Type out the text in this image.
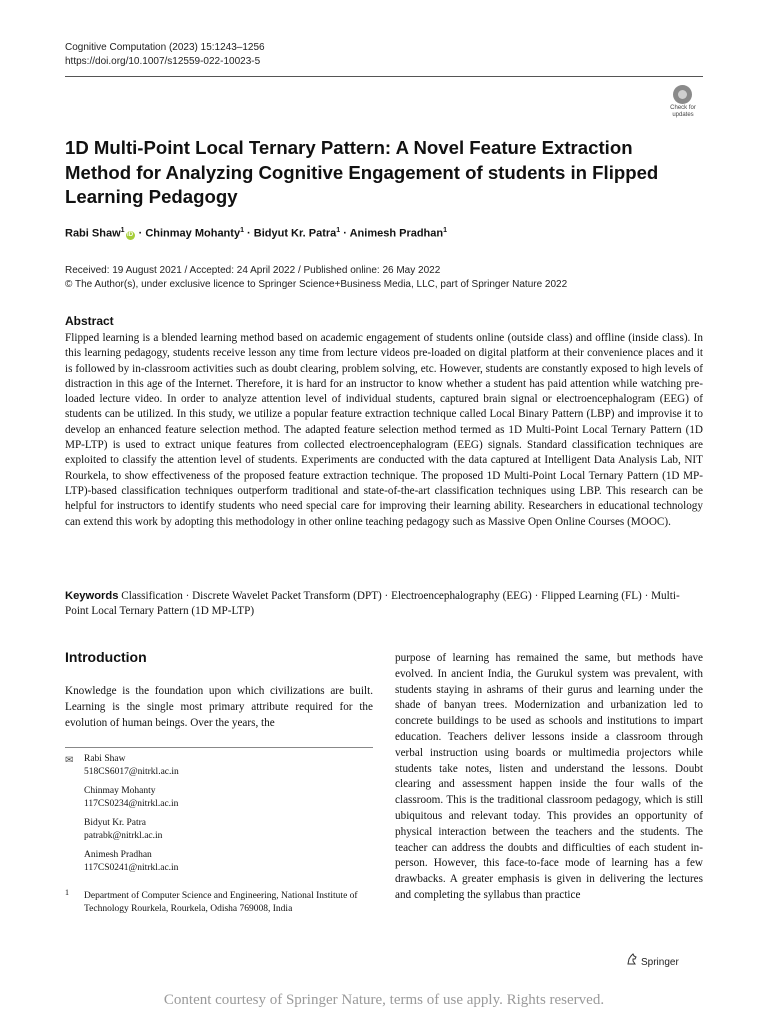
Cognitive Computation (2023) 15:1243–1256
https://doi.org/10.1007/s12559-022-10023-5
Check for
updates
1D Multi-Point Local Ternary Pattern: A Novel Feature Extraction Method for Analyzing Cognitive Engagement of students in Flipped Learning Pedagogy
Rabi Shaw$^1$iD · Chinmay Mohanty$^1$ · Bidyut Kr. Patra$^1$ · Animesh Pradhan$^1$
Received: 19 August 2021 / Accepted: 24 April 2022 / Published online: 26 May 2022
© The Author(s), under exclusive licence to Springer Science+Business Media, LLC, part of Springer Nature 2022
Abstract
Flipped learning is a blended learning method based on academic engagement of students online (outside class) and offline (inside class). In this learning pedagogy, students receive lesson any time from lecture videos pre-loaded on digital platform at their convenience places and it is followed by in-classroom activities such as doubt clearing, problem solving, etc. However, students are constantly exposed to high levels of distraction in this age of the Internet. Therefore, it is hard for an instructor to know whether a student has paid attention while watching pre-loaded lecture video. In order to analyze attention level of individual students, captured brain signal or electroencephalogram (EEG) of students can be utilized. In this study, we utilize a popular feature extraction technique called Local Binary Pattern (LBP) and improvise it to develop an enhanced feature selection method. The adapted feature selection method termed as 1D Multi-Point Local Ternary Pattern (1D MP-LTP) is used to extract unique features from collected electroencephalogram (EEG) signals. Standard classification techniques are exploited to classify the attention level of students. Experiments are conducted with the data captured at Intelligent Data Analysis Lab, NIT Rourkela, to show effectiveness of the proposed feature extraction technique. The proposed 1D Multi-Point Local Ternary Pattern (1D MP-LTP)-based classification techniques outperform traditional and state-of-the-art classification techniques using LBP. This research can be helpful for instructors to identify students who need special care for improving their learning ability. Researchers in educational technology can extend this work by adopting this methodology in other online teaching pedagogy such as Massive Open Online Courses (MOOC).
Keywords Classification · Discrete Wavelet Packet Transform (DPT) · Electroencephalography (EEG) · Flipped Learning (FL) · Multi-Point Local Ternary Pattern (1D MP-LTP)
Introduction
Knowledge is the foundation upon which civilizations are built. Learning is the single most primary attribute required for the evolution of human beings. Over the years, the
✉ Rabi Shaw
518CS6017@nitrkl.ac.in
Chinmay Mohanty
117CS0234@nitrkl.ac.in
Bidyut Kr. Patra
patrabk@nitrkl.ac.in
Animesh Pradhan
117CS0241@nitrkl.ac.in
1 Department of Computer Science and Engineering, National Institute of Technology Rourkela, Rourkela, Odisha 769008, India
purpose of learning has remained the same, but methods have evolved. In ancient India, the Gurukul system was prevalent, with students staying in ashrams of their gurus and learning under the shade of banyan trees. Modernization and urbanization led to concrete buildings to be used as schools and institutions to impart education. Teachers deliver lessons inside a classroom through verbal instruction using boards or multimedia projectors while students take notes, listen and understand the lessons. Doubt clearing and assessment happen inside the four walls of the classroom. This is the traditional classroom pedagogy, which is still ubiquitous and relevant today. This provides an opportunity of physical interaction between the teachers and the students. The teacher can address the doubts and difficulties of each student in-person. However, this face-to-face mode of learning has a few drawbacks. A greater emphasis is given in delivering the lectures and completing the syllabus than practice
Springer
Content courtesy of Springer Nature, terms of use apply. Rights reserved.
